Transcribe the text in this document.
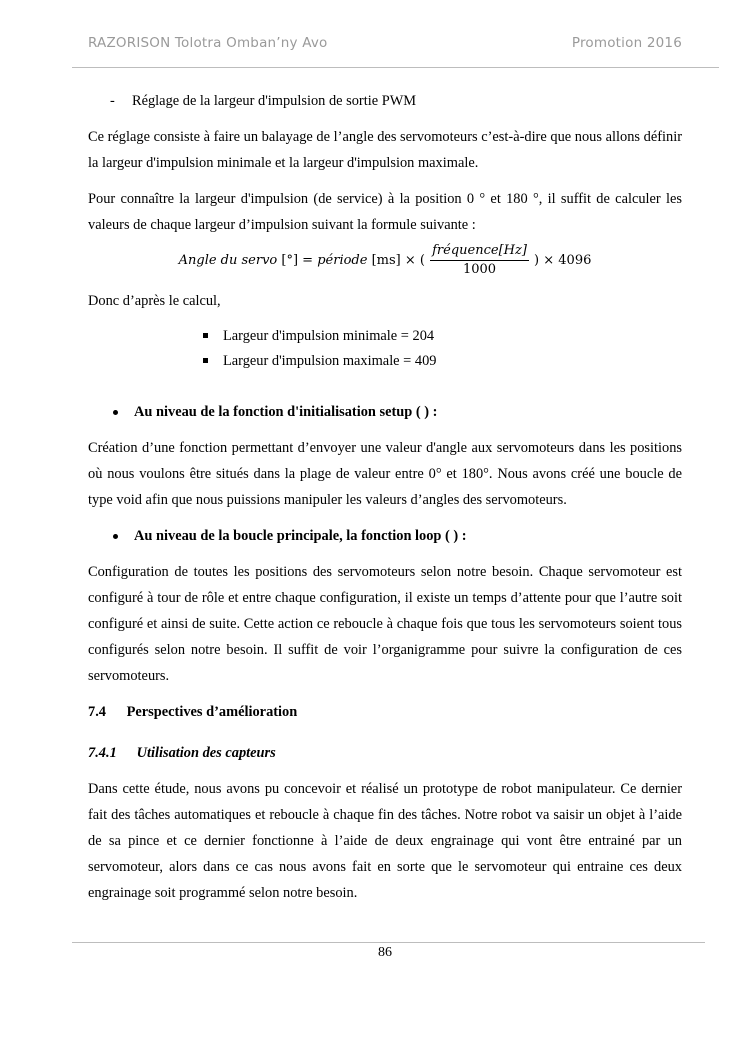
RAZORISON Tolotra Omban’ny Avo	Promotion 2016
- Réglage de la largeur d'impulsion de sortie PWM

Ce réglage consiste à faire un balayage de l’angle des servomoteurs c’est-à-dire que nous allons définir la largeur d'impulsion minimale et la largeur d'impulsion maximale.

Pour connaître la largeur d'impulsion (de service) à la position 0 ° et 180 °, il suffit de calculer les valeurs de chaque largeur d’impulsion suivant la formule suivante :

Angle du servo [°] = période [ms] × ( $\frac{\text{fréquence[Hz]}}{1000}$ ) × 4096

Donc d’après le calcul,

Largeur d'impulsion minimale = 204
Largeur d'impulsion maximale = 409
Au niveau de la fonction d'initialisation setup ( ) :

Création d’une fonction permettant d’envoyer une valeur d'angle aux servomoteurs dans les positions où nous voulons être situés dans la plage de valeur entre 0° et 180°. Nous avons créé une boucle de type void afin que nous puissions manipuler les valeurs d’angles des servomoteurs.

Au niveau de la boucle principale, la fonction loop ( ) :

Configuration de toutes les positions des servomoteurs selon notre besoin. Chaque servomoteur est configuré à tour de rôle et entre chaque configuration, il existe un temps d’attente pour que l’autre soit configuré et ainsi de suite. Cette action ce reboucle à chaque fois que tous les servomoteurs soient tous configurés selon notre besoin. Il suffit de voir l’organigramme pour suivre la configuration de ces servomoteurs.

7.4 Perspectives d’amélioration
7.4.1 Utilisation des capteurs

Dans cette étude, nous avons pu concevoir et réalisé un prototype de robot manipulateur. Ce dernier fait des tâches automatiques et reboucle à chaque fin des tâches. Notre robot va saisir un objet à l’aide de sa pince et ce dernier fonctionne à l’aide de deux engrainage qui vont être entrainé par un servomoteur, alors dans ce cas nous avons fait en sorte que le servomoteur qui entraine ces deux engrainage soit programmé selon notre besoin.

86
